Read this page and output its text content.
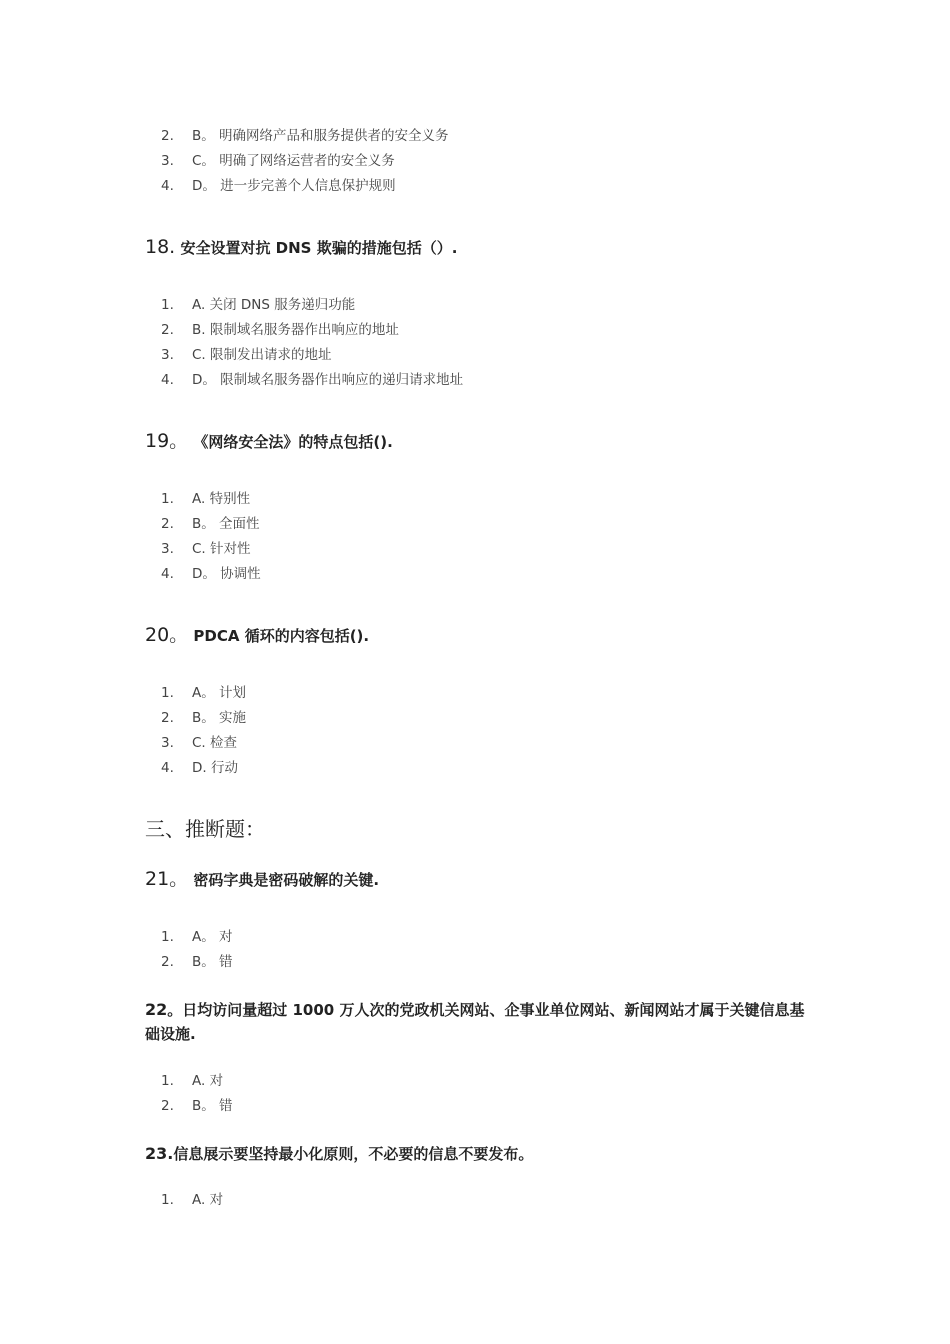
2.	B。 明确网络产品和服务提供者的安全义务
3.	C。 明确了网络运营者的安全义务
4.	D。 进一步完善个人信息保护规则
18. 安全设置对抗 DNS 欺骗的措施包括（）.
1.	A. 关闭 DNS 服务递归功能
2.	B. 限制域名服务器作出响应的地址
3.	C. 限制发出请求的地址
4.	D。 限制域名服务器作出响应的递归请求地址
19。 《网络安全法》的特点包括().
1.	A. 特别性
2.	B。 全面性
3.	C. 针对性
4.	D。 协调性
20。 PDCA 循环的内容包括().
1.	A。 计划
2.	B。 实施
3.	C. 检查
4.	D. 行动
三、推断题：
21。 密码字典是密码破解的关键.
1.	A。 对
2.	B。 错
22。日均访问量超过 1000 万人次的党政机关网站、企事业单位网站、新闻网站才属于关键信息基础设施.
1.	A. 对
2.	B。 错
23.信息展示要坚持最小化原则，不必要的信息不要发布。
1.	A. 对
